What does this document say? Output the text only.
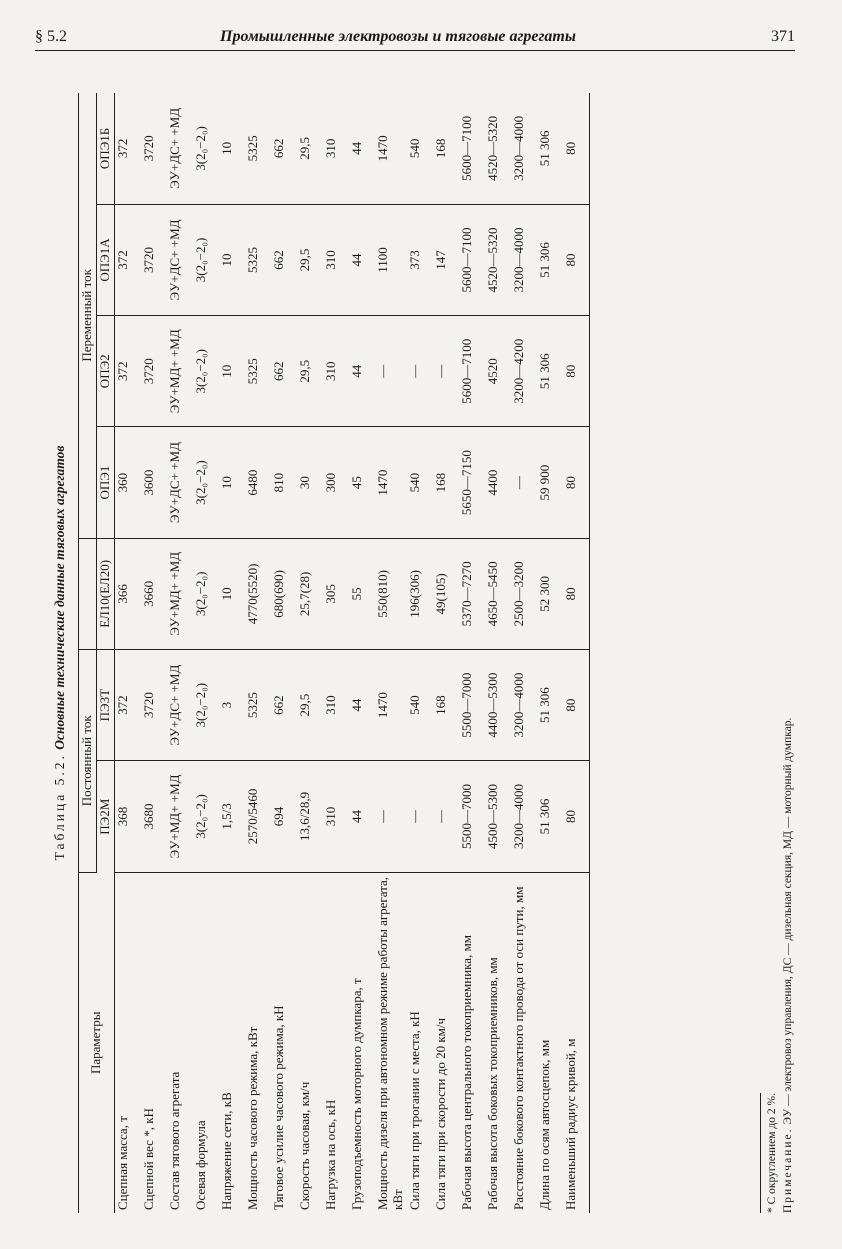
§ 5.2	Промышленные электровозы и тяговые агрегаты	371
Таблица 5.2. Основные технические данные тяговых агрегатов
Параметры	Постоянный ток			Переменный ток			
	ПЭ2М	ПЭ3Т	ЕЛ10(ЕЛ20)	ОПЭ1	ОПЭ2	ОПЭ1А	ОПЭ1Б
Сцепная масса, т	368	372	366	360	372	372	372
Сцепной вес *, кН	3680	3720	3660	3600	3720	3720	3720
Состав тягового агрегата	ЭУ+МД+ +МД	ЭУ+ДС+ +МД	ЭУ+МД+ +МД	ЭУ+ДС+ +МД	ЭУ+МД+ +МД	ЭУ+ДС+ +МД	ЭУ+ДС+ +МД
Осевая формула	3(2₀−2₀)	3(2₀−2₀)	3(2₀−2₀)	3(2₀−2₀)	3(2₀−2₀)	3(2₀−2₀)	3(2₀−2₀)
Напряжение сети, кВ	1,5/3	3	10	10	10	10	10
Мощность часового режима, кВт	2570/5460	5325	4770(5520)	6480	5325	5325	5325
Тяговое усилие часового режима, кН	694	662	680(690)	810	662	662	662
Скорость часовая, км/ч	13,6/28,9	29,5	25,7(28)	30	29,5	29,5	29,5
Нагрузка на ось, кН	310	310	305	300	310	310	310
Грузоподъемность моторного думпкара, т	44	44	55	45	44	44	44
Мощность дизеля при автономном режиме работы агрегата, кВт	—	1470	550(810)	1470	—	1100	1470
Сила тяги при трогании с места, кН	—	540	196(306)	540	—	373	540
Сила тяги при скорости до 20 км/ч	—	168	49(105)	168	—	147	168
Рабочая высота центрального токоприемника, мм	5500—7000	5500—7000	5370—7270	5650—7150	5600—7100	5600—7100	5600—7100
Рабочая высота боковых токоприемников, мм	4500—5300	4400—5300	4650—5450	4400	4520	4520—5320	4520—5320
Расстояние бокового контактного провода от оси пути, мм	3200—4000	3200—4000	2500—3200	—	3200—4200	3200—4000	3200—4000
Длина по осям автосцепок, мм	51 306	51 306	52 300	59 900	51 306	51 306	51 306
Наименьший радиус кривой, м	80	80	80	80	80	80	80
* С округлением до 2 %. Примечание. ЭУ — электровоз управления, ДС — дизельная секция, МД — моторный думпкар.
